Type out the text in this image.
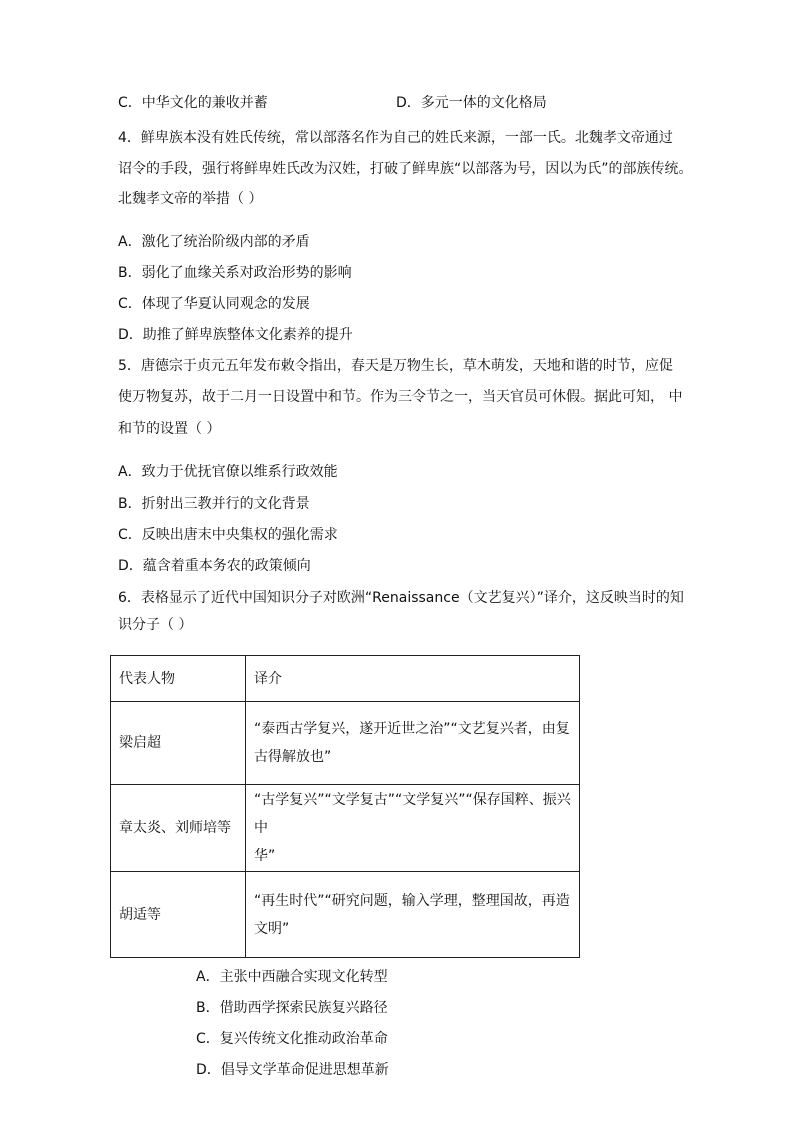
C．中华文化的兼收并蓄	D．多元一体的文化格局
4．鲜卑族本没有姓氏传统，常以部落名作为自己的姓氏来源，一部一氏。北魏孝文帝通过
诏令的手段，强行将鲜卑姓氏改为汉姓，打破了鲜卑族“以部落为号，因以为氏”的部族传统。
北魏孝文帝的举措（ ）
A．激化了统治阶级内部的矛盾
B．弱化了血缘关系对政治形势的影响
C．体现了华夏认同观念的发展
D．助推了鲜卑族整体文化素养的提升
5．唐德宗于贞元五年发布敕令指出，春天是万物生长，草木萌发，天地和谐的时节，应促
使万物复苏，故于二月一日设置中和节。作为三令节之一，当天官员可休假。据此可知， 中
和节的设置（ ）
A．致力于优抚官僚以维系行政效能
B．折射出三教并行的文化背景
C．反映出唐末中央集权的强化需求
D．蕴含着重本务农的政策倾向
6．表格显示了近代中国知识分子对欧洲“Renaissance（文艺复兴）”译介，这反映当时的知
识分子（ ）
代表人物	译介
梁启超	“泰西古学复兴，遂开近世之治”“文艺复兴者，由复
古得解放也”

章太炎、刘师培等	“古学复兴”“文学复古”“文学复兴”“保存国粹、振兴中
华”

胡适等	“再生时代”“研究问题，输入学理，整理国故，再造
文明”
A．主张中西融合实现文化转型
B．借助西学探索民族复兴路径
C．复兴传统文化推动政治革命
D．倡导文学革命促进思想革新
